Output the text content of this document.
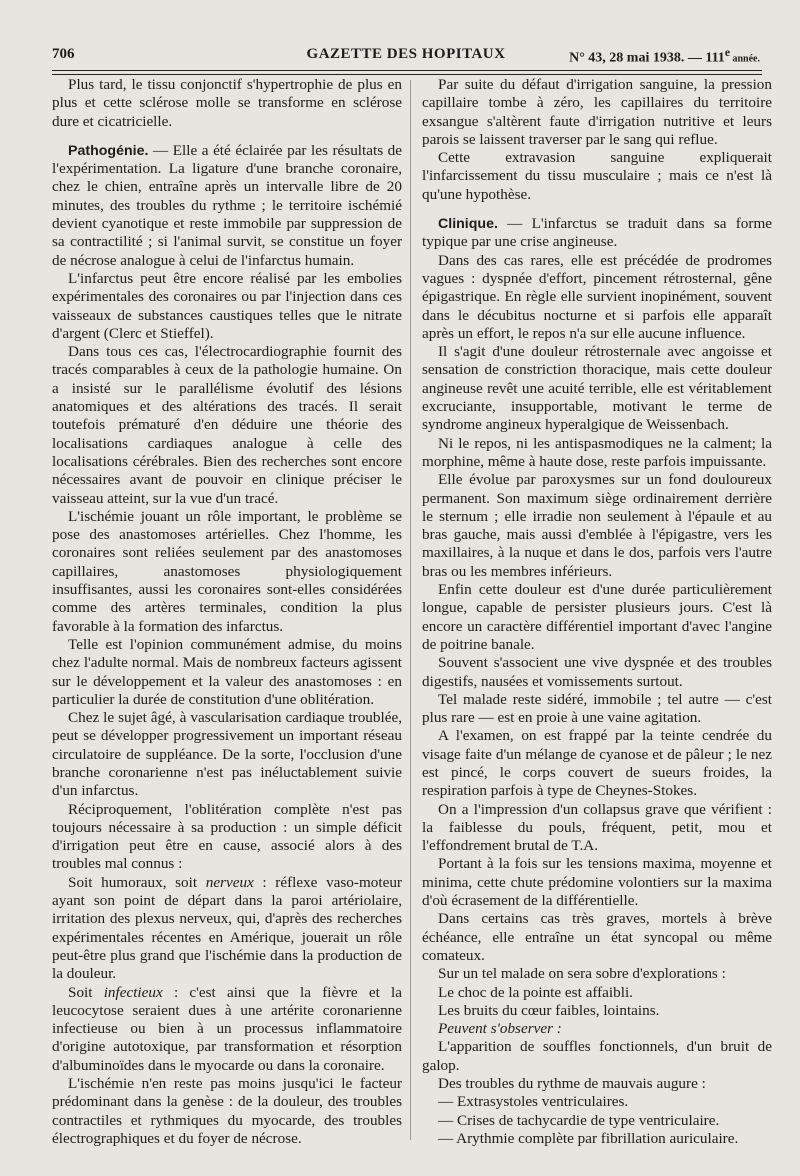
706	GAZETTE DES HOPITAUX	N° 43, 28 mai 1938. — 111e année.

Plus tard, le tissu conjonctif s'hypertrophie de plus en plus et cette sclérose molle se transforme en sclérose dure et cicatricielle.

Pathogénie. — Elle a été éclairée par les résultats de l'expérimentation. La ligature d'une branche coronaire, chez le chien, entraîne après un intervalle libre de 20 minutes, des troubles du rythme ; le territoire ischémié devient cyanotique et reste immobile par suppression de sa contractilité ; si l'animal survit, se constitue un foyer de nécrose analogue à celui de l'infarctus humain.

L'infarctus peut être encore réalisé par les embolies expérimentales des coronaires ou par l'injection dans ces vaisseaux de substances caustiques telles que le nitrate d'argent (Clerc et Stieffel).

Dans tous ces cas, l'électrocardiographie fournit des tracés comparables à ceux de la pathologie humaine. On a insisté sur le parallélisme évolutif des lésions anatomiques et des altérations des tracés. Il serait toutefois prématuré d'en déduire une théorie des localisations cardiaques analogue à celle des localisations cérébrales. Bien des recherches sont encore nécessaires avant de pouvoir en clinique préciser le vaisseau atteint, sur la vue d'un tracé.

L'ischémie jouant un rôle important, le problème se pose des anastomoses artérielles. Chez l'homme, les coronaires sont reliées seulement par des anastomoses capillaires, anastomoses physiologiquement insuffisantes, aussi les coronaires sont-elles considérées comme des artères terminales, condition la plus favorable à la formation des infarctus.

Telle est l'opinion communément admise, du moins chez l'adulte normal. Mais de nombreux facteurs agissent sur le développement et la valeur des anastomoses : en particulier la durée de constitution d'une oblitération.

Chez le sujet âgé, à vascularisation cardiaque troublée, peut se développer progressivement un important réseau circulatoire de suppléance. De la sorte, l'occlusion d'une branche coronarienne n'est pas inéluctablement suivie d'un infarctus.

Réciproquement, l'oblitération complète n'est pas toujours nécessaire à sa production : un simple déficit d'irrigation peut être en cause, associé alors à des troubles mal connus :

Soit humoraux, soit nerveux : réflexe vaso-moteur ayant son point de départ dans la paroi artériolaire, irritation des plexus nerveux, qui, d'après des recherches expérimentales récentes en Amérique, jouerait un rôle peut-être plus grand que l'ischémie dans la production de la douleur.

Soit infectieux : c'est ainsi que la fièvre et la leucocytose seraient dues à une artérite coronarienne infectieuse ou bien à un processus inflammatoire d'origine autotoxique, par transformation et résorption d'albuminoïdes dans le myocarde ou dans la coronaire.

L'ischémie n'en reste pas moins jusqu'ici le facteur prédominant dans la genèse : de la douleur, des troubles contractiles et rythmiques du myocarde, des troubles électrographiques et du foyer de nécrose.

Par suite du défaut d'irrigation sanguine, la pression capillaire tombe à zéro, les capillaires du territoire exsangue s'altèrent faute d'irrigation nutritive et leurs parois se laissent traverser par le sang qui reflue.

Cette extravasion sanguine expliquerait l'infarcissement du tissu musculaire ; mais ce n'est là qu'une hypothèse.

Clinique. — L'infarctus se traduit dans sa forme typique par une crise angineuse.

Dans des cas rares, elle est précédée de prodromes vagues : dyspnée d'effort, pincement rétrosternal, gêne épigastrique. En règle elle survient inopinément, souvent dans le décubitus nocturne et si parfois elle apparaît après un effort, le repos n'a sur elle aucune influence.

Il s'agit d'une douleur rétrosternale avec angoisse et sensation de constriction thoracique, mais cette douleur angineuse revêt une acuité terrible, elle est véritablement excruciante, insupportable, motivant le terme de syndrome angineux hyperalgique de Weissenbach.

Ni le repos, ni les antispasmodiques ne la calment; la morphine, même à haute dose, reste parfois impuissante.

Elle évolue par paroxysmes sur un fond douloureux permanent. Son maximum siège ordinairement derrière le sternum ; elle irradie non seulement à l'épaule et au bras gauche, mais aussi d'emblée à l'épigastre, vers les maxillaires, à la nuque et dans le dos, parfois vers l'autre bras ou les membres inférieurs.

Enfin cette douleur est d'une durée particulièrement longue, capable de persister plusieurs jours. C'est là encore un caractère différentiel important d'avec l'angine de poitrine banale.

Souvent s'associent une vive dyspnée et des troubles digestifs, nausées et vomissements surtout.

Tel malade reste sidéré, immobile ; tel autre — c'est plus rare — est en proie à une vaine agitation.

A l'examen, on est frappé par la teinte cendrée du visage faite d'un mélange de cyanose et de pâleur ; le nez est pincé, le corps couvert de sueurs froides, la respiration parfois à type de Cheynes-Stokes.

On a l'impression d'un collapsus grave que vérifient : la faiblesse du pouls, fréquent, petit, mou et l'effondrement brutal de T.A.

Portant à la fois sur les tensions maxima, moyenne et minima, cette chute prédomine volontiers sur la maxima d'où écrasement de la différentielle.

Dans certains cas très graves, mortels à brève échéance, elle entraîne un état syncopal ou même comateux.

Sur un tel malade on sera sobre d'explorations :

Le choc de la pointe est affaibli.

Les bruits du cœur faibles, lointains.

Peuvent s'observer :

L'apparition de souffles fonctionnels, d'un bruit de galop.

Des troubles du rythme de mauvais augure :

— Extrasystoles ventriculaires.

— Crises de tachycardie de type ventriculaire.

— Arythmie complète par fibrillation auriculaire.
